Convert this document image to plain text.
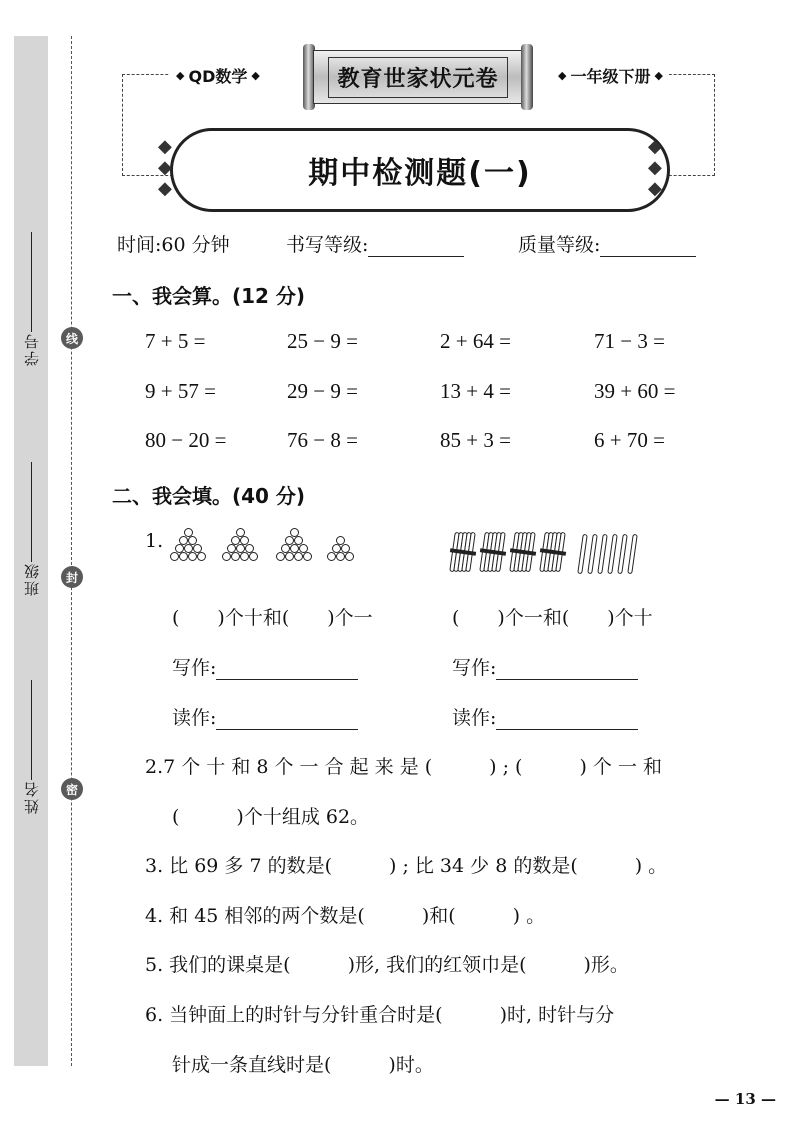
线
封
密
学号
班级
姓名
◆ QD数学 ◆	◆ 一年级下册 ◆
教育世家状元卷
期中检测题(一)
◆
◆
◆
◆
◆
◆
时间:60 分钟	书写等级:	质量等级:
一、我会算。(12 分)
7 + 5 =	25 − 9 =	2 + 64 =	71 − 3 =
9 + 57 =	29 − 9 =	13 + 4 =	39 + 60 =
80 − 20 =	76 − 8 =	85 + 3 =	6 + 70 =
二、我会填。(40 分)
1.
(　　)个十和(　　)个一	(　　)个一和(　　)个十
写作:	写作:
读作:	读作:
2.7 个 十 和 8 个 一 合 起 来 是 (　　　) ; (　　　) 个 一 和
(　　　)个十组成 62。
3. 比 69 多 7 的数是(　　　) ; 比 34 少 8 的数是(　　　) 。
4. 和 45 相邻的两个数是(　　　)和(　　　) 。
5. 我们的课桌是(　　　)形, 我们的红领巾是(　　　)形。
6. 当钟面上的时针与分针重合时是(　　　)时, 时针与分
针成一条直线时是(　　　)时。
— 13 —
